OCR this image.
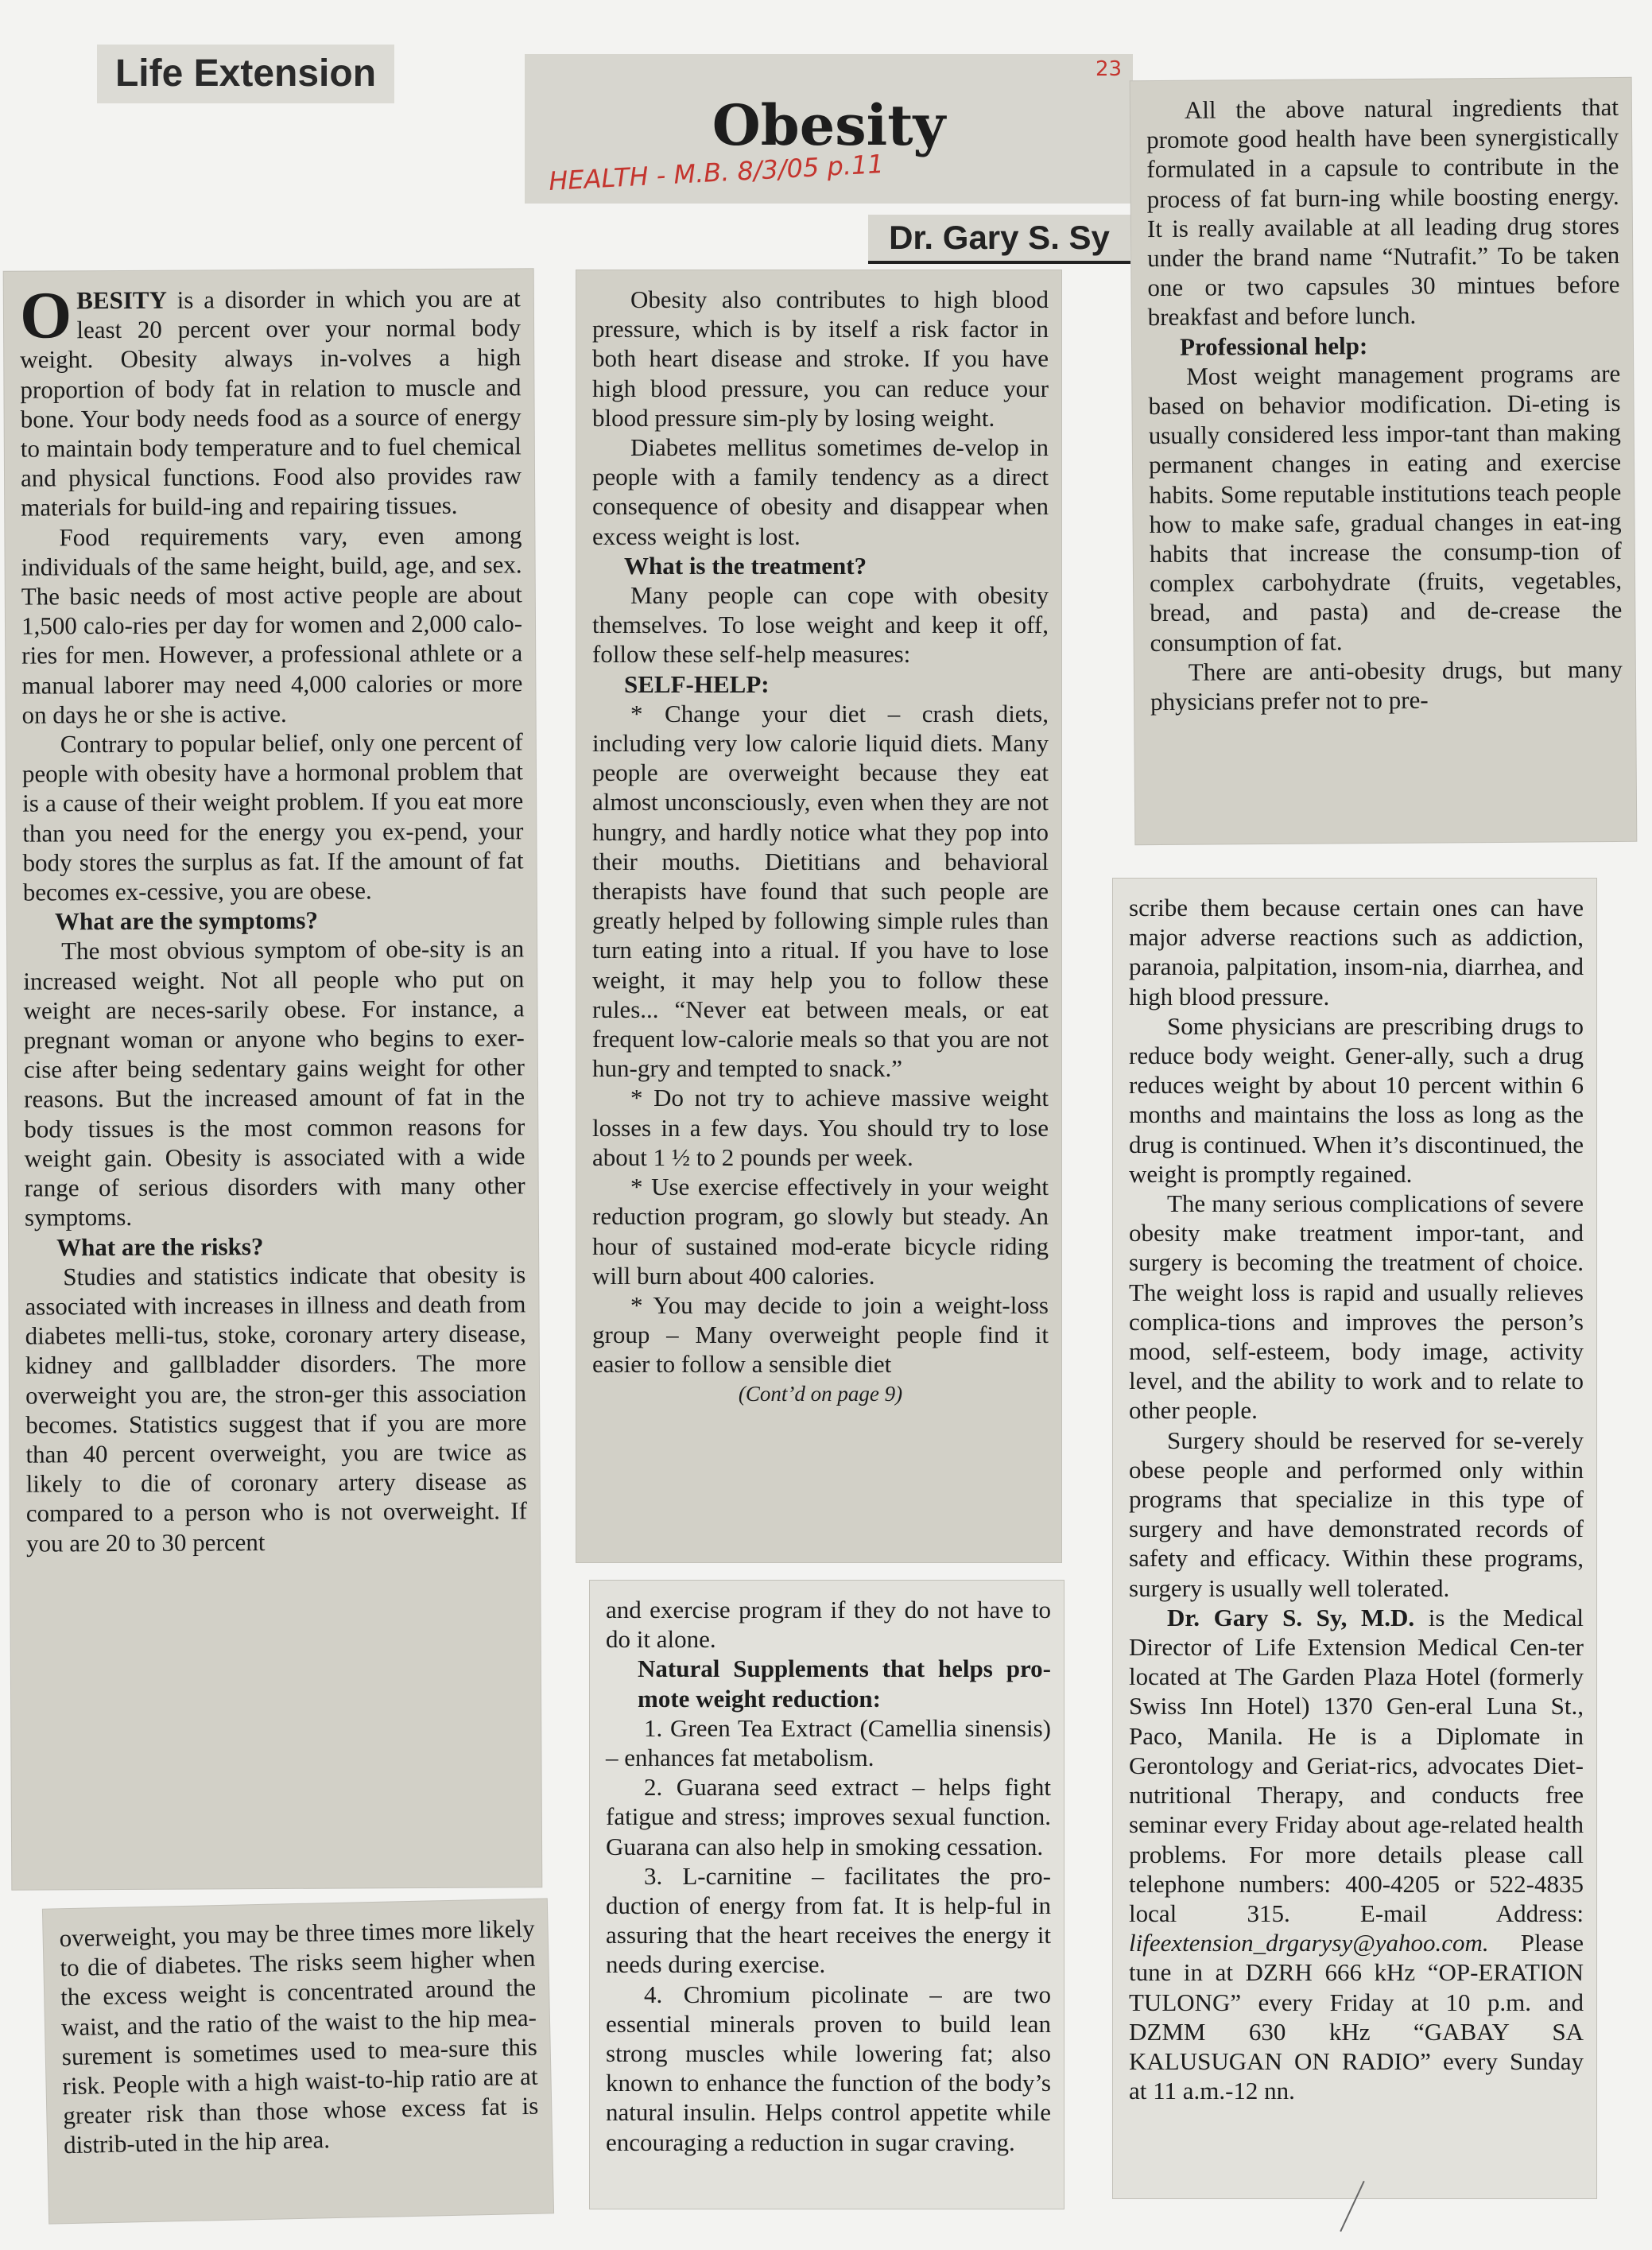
Life Extension
Obesity
HEALTH - M.B. 8/3/05 p.11
23
Dr. Gary S. Sy

OBESITY is a disorder in which you are at least 20 percent over your normal body weight. Obesity always in-volves a high proportion of body fat in relation to muscle and bone. Your body needs food as a source of energy to maintain body temperature and to fuel chemical and physical functions. Food also provides raw materials for build-ing and repairing tissues.

Food requirements vary, even among individuals of the same height, build, age, and sex. The basic needs of most active people are about 1,500 calo-ries per day for women and 2,000 calo-ries for men. However, a professional athlete or a manual laborer may need 4,000 calories or more on days he or she is active.

Contrary to popular belief, only one percent of people with obesity have a hormonal problem that is a cause of their weight problem. If you eat more than you need for the energy you ex-pend, your body stores the surplus as fat. If the amount of fat becomes ex-cessive, you are obese.

What are the symptoms?

The most obvious symptom of obe-sity is an increased weight. Not all people who put on weight are neces-sarily obese. For instance, a pregnant woman or anyone who begins to exer-cise after being sedentary gains weight for other reasons. But the increased amount of fat in the body tissues is the most common reasons for weight gain. Obesity is associated with a wide range of serious disorders with many other symptoms.

What are the risks?

Studies and statistics indicate that obesity is associated with increases in illness and death from diabetes melli-tus, stoke, coronary artery disease, kidney and gallbladder disorders. The more overweight you are, the stron-ger this association becomes. Statistics suggest that if you are more than 40 percent overweight, you are twice as likely to die of coronary artery disease as compared to a person who is not overweight. If you are 20 to 30 percent

overweight, you may be three times more likely to die of diabetes. The risks seem higher when the excess weight is concentrated around the waist, and the ratio of the waist to the hip mea-surement is sometimes used to mea-sure this risk. People with a high waist-to-hip ratio are at greater risk than those whose excess fat is distrib-uted in the hip area.

Obesity also contributes to high blood pressure, which is by itself a risk factor in both heart disease and stroke. If you have high blood pressure, you can reduce your blood pressure sim-ply by losing weight.

Diabetes mellitus sometimes de-velop in people with a family tendency as a direct consequence of obesity and disappear when excess weight is lost.

What is the treatment?

Many people can cope with obesity themselves. To lose weight and keep it off, follow these self-help measures:

SELF-HELP:

* Change your diet – crash diets, including very low calorie liquid diets. Many people are overweight because they eat almost unconsciously, even when they are not hungry, and hardly notice what they pop into their mouths. Dietitians and behavioral therapists have found that such people are greatly helped by following simple rules than turn eating into a ritual. If you have to lose weight, it may help you to follow these rules... “Never eat between meals, or eat frequent low-calorie meals so that you are not hun-gry and tempted to snack.”

* Do not try to achieve massive weight losses in a few days. You should try to lose about 1 ½ to 2 pounds per week.

* Use exercise effectively in your weight reduction program, go slowly but steady. An hour of sustained mod-erate bicycle riding will burn about 400 calories.

* You may decide to join a weight-loss group – Many overweight people find it easier to follow a sensible diet

(Cont’d on page 9)

and exercise program if they do not have to do it alone.

Natural Supplements that helps pro-mote weight reduction:

1. Green Tea Extract (Camellia sinensis) – enhances fat metabolism.

2. Guarana seed extract – helps fight fatigue and stress; improves sexual function. Guarana can also help in smoking cessation.

3. L-carnitine – facilitates the pro-duction of energy from fat. It is help-ful in assuring that the heart receives the energy it needs during exercise.

4. Chromium picolinate – are two essential minerals proven to build lean strong muscles while lowering fat; also known to enhance the function of the body’s natural insulin. Helps control appetite while encouraging a reduction in sugar craving.

All the above natural ingredients that promote good health have been synergistically formulated in a capsule to contribute in the process of fat burn-ing while boosting energy. It is really available at all leading drug stores under the brand name “Nutrafit.” To be taken one or two capsules 30 mintues before breakfast and before lunch.

Professional help:

Most weight management programs are based on behavior modification. Di-eting is usually considered less impor-tant than making permanent changes in eating and exercise habits. Some reputable institutions teach people how to make safe, gradual changes in eat-ing habits that increase the consump-tion of complex carbohydrate (fruits, vegetables, bread, and pasta) and de-crease the consumption of fat.

There are anti-obesity drugs, but many physicians prefer not to pre-

scribe them because certain ones can have major adverse reactions such as addiction, paranoia, palpitation, insom-nia, diarrhea, and high blood pressure.

Some physicians are prescribing drugs to reduce body weight. Gener-ally, such a drug reduces weight by about 10 percent within 6 months and maintains the loss as long as the drug is continued. When it’s discontinued, the weight is promptly regained.

The many serious complications of severe obesity make treatment impor-tant, and surgery is becoming the treatment of choice. The weight loss is rapid and usually relieves complica-tions and improves the person’s mood, self-esteem, body image, activity level, and the ability to work and to relate to other people.

Surgery should be reserved for se-verely obese people and performed only within programs that specialize in this type of surgery and have demonstrated records of safety and efficacy. Within these programs, surgery is usually well tolerated.

Dr. Gary S. Sy, M.D. is the Medical Director of Life Extension Medical Cen-ter located at The Garden Plaza Hotel (formerly Swiss Inn Hotel) 1370 Gen-eral Luna St., Paco, Manila. He is a Diplomate in Gerontology and Geriat-rics, advocates Diet-nutritional Therapy, and conducts free seminar every Friday about age-related health problems. For more details please call telephone numbers: 400-4205 or 522-4835 local 315. E-mail Address: lifeextension_drgarysy@yahoo.com. Please tune in at DZRH 666 kHz “OP-ERATION TULONG” every Friday at 10 p.m. and DZMM 630 kHz “GABAY SA KALUSUGAN ON RADIO” every Sunday at 11 a.m.-12 nn.
